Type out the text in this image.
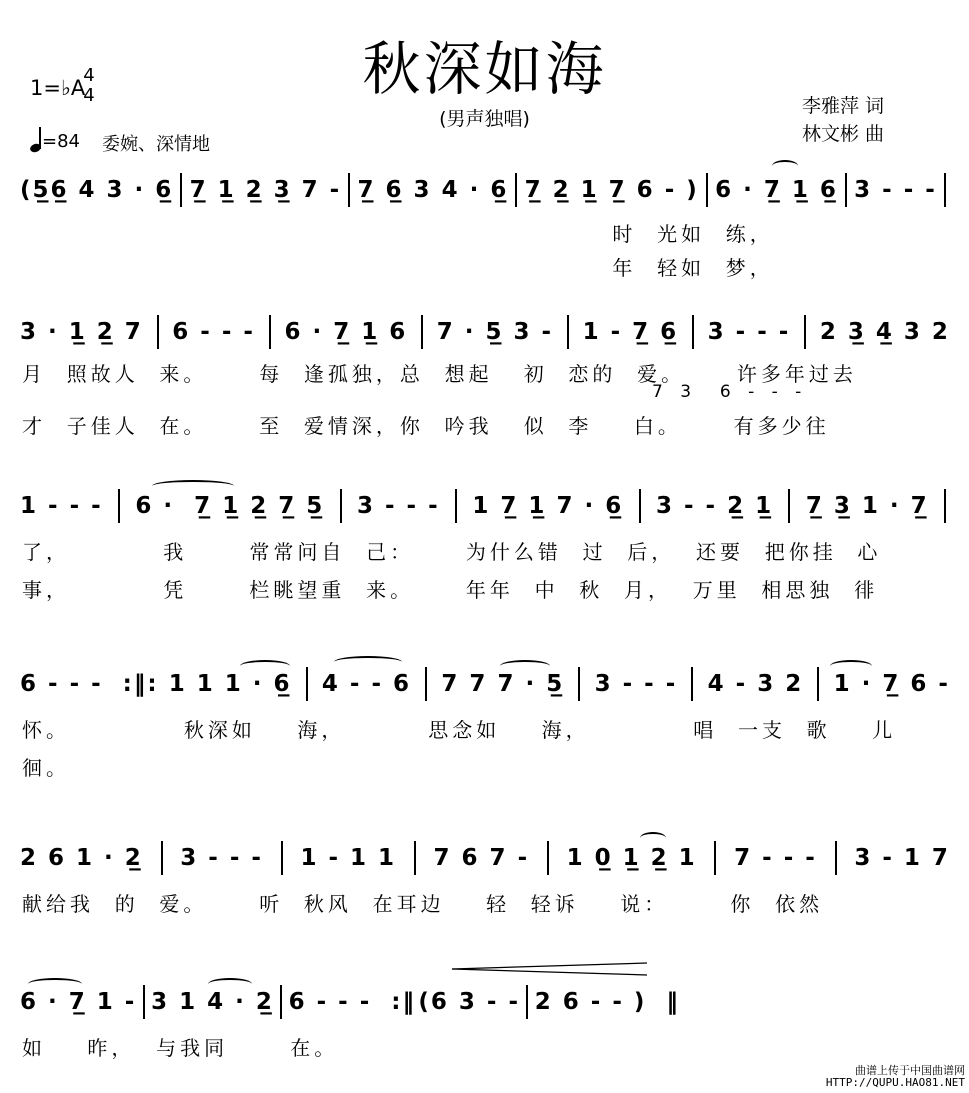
秋深如海
(男声独唱)
1=♭A
4
4
=84 委婉、深情地
李雅萍 词
林文彬 曲
(5̲6̲ 4 3 · 6̲ 7̲ 1̲ 2̲ 3̲ 7 - 7̲ 6̲ 3 4 · 6̲ 7̲ 2̲ 1̲ 7̲ 6 - ) 6 · 7̲ 1̲ 6̲ 3 - - -
时  光如  练，
年  轻如  梦，
3 · 1̲ 2̲ 7 6 - - - 6 · 7̲ 1̲ 6 7 · 5̲ 3 - 1 - 7̲ 6̲ 3 - - - 2 3̲ 4̲ 3 2
月  照故人  来。     每  逢孤独，总  想起   初  恋的  爱。     许多年过去
7 3  6 - - -
才  子佳人  在。     至  爱情深，你  吟我   似  李    白。     有多少往
1 - - - 6 ·  7̲ 1̲ 2̲ 7̲ 5̲ 3 - - - 1 7̲ 1̲ 7 · 6̲ 3 - - 2̲ 1̲ 7̲ 3̲ 1 · 7̲
了，         我      常常问自  己：     为什么错  过  后，  还要  把你挂  心
事，         凭      栏眺望重  来。     年年  中  秋  月，  万里  相思独  徘
6 - - -  :‖: 1 1 1 · 6̲ 4 - - 6 7 7 7 · 5̲ 3 - - - 4 - 3 2 1 · 7̲ 6 -
怀。           秋深如    海，        思念如    海，          唱  一支  歌    儿
徊。
2 6 1 · 2̲ 3 - - - 1 - 1 1 7 6 7 - 1 0̲ 1̲ 2̲ 1 7 - - - 3 - 1 7
献给我  的  爱。     听  秋风  在耳边    轻  轻诉    说：      你  依然
6 · 7̲ 1 - 3 1 4 · 2̲ 6 - - -  :‖ (6 3 - - 2 6 - - )  ‖
如    昨，  与我同      在。
曲谱上传于中国曲谱网
HTTP://QUPU.HAO81.NET
